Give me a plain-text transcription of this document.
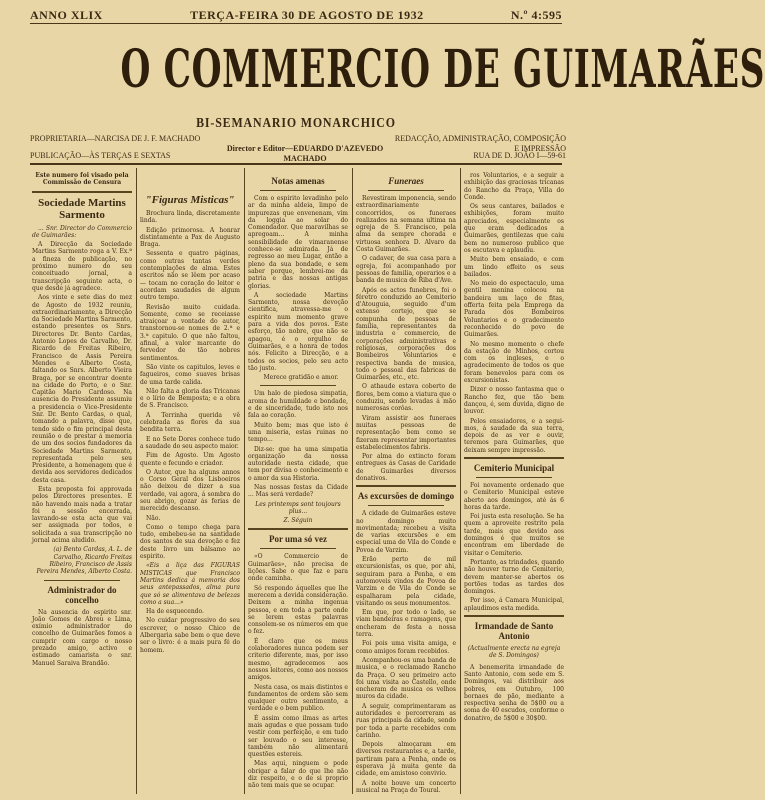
ANNO XLIX	TERÇA-FEIRA 30 DE AGOSTO DE 1932	N.º 4:595
O COMMERCIO DE GUIMARÃES
BI-SEMANARIO MONARCHICO
PROPRIETARIA—NARCISA DE J. F. MACHADO
PUBLICAÇÃO—ÀS TERÇAS E SEXTAS
Director e Editor—EDUARDO D'AZEVEDO MACHADO
REDACÇÃO, ADMINISTRAÇÃO, COMPOSIÇÃO E IMPRESSÃO
RUA DE D. JOÃO I—59-61
Este numero foi visado pela Commissão de Censura
Sociedade Martins Sarmento

... Snr. Director do Commercio de Guimarães:

A Direcção da Sociedade Martins Sarmento roga a V. Ex.ª a fineza de publicação, no próximo numero do seu conceituado jornal, a transcripção seguinte acta, o que desde já agradece.

Aos vinte e sete dias do mez de Agosto de 1932 reuniu, extraordinariamente, a Direcção da Sociedade Martins Sarmento, estando presentes os Snrs. Directores Dr. Bento Cardas, Antonio Lopes de Carvalho, Dr. Ricardo de Freitas Ribeiro, Francisco de Assis Pereira Mendes e Alberto Costa, faltando os Snrs. Alberto Vieira Braga, por se encontrar doente na cidade do Porto, e o Snr. Capitão Mario Cardoso. Na ausencia do Presidente assumiu a presidencia o Vice-Presidente Snr. Dr. Bento Cardas, o qual, tomando a palavra, disse que, tendo sido o fim principal desta reunião o de prestar á memoria de um dos socios fundadores da Sociedade Martins Sarmento, representada pelo seu Presidente, a homenagem que é devida aos servidores dedicados desta casa.

Esta proposta foi approvada pelos Directores presentes. E não havendo mais nada a tratar foi a sessão encerrada, lavrando-se esta acta que vai ser assignada por todos, e solicitada a sua transcripção no jornal acima aludido.

(a) Bento Cardas, A. L. de Carvalho, Ricardo Freitas Ribeiro, Francisco de Assis Pereira Mendes, Alberto Costa.

Administrador do concelho

Na ausencia do espirito snr. João Gomes de Abreu e Lima, exímio administrador do concelho de Guimarães fomos a cumprir com cargo o nosso prezado amigo, activo e estimado camarista o snr. Manuel Saraiva Brandão.

"Figuras Misticas"

Brochura linda, discretamente linda.

Edição primorosa. A honrar distintamente a Pax de Augusto Braga.

Sessenta e quatro páginas, como outras tantas verdes contemplações de alma. Estes escritos não se lêem por acaso — tocam no coração do leitor e acordam saudades de algum outro tempo.

Revisão muito cuidada. Somente, como se receiasse atraiçoar a vontade do autor, transtornou-se nomes de 2.ª e 3.ª capitulo. O que não faltou, afinal, a valor marcante do fervedor de tão nobres sentimentos.

São vinte os capitulos, leves e fagueiros, como suaves brisas de uma tarde calida.

Não falta a gloria das Tricanas e o lírio de Bemposta; e a obra de S. Francisco.

A Terrinha querida vê celebrada as flores da sua bendita terra.

E no Sete Dores conhece tudo a saudade do seu aspecto maior.

Fim de Agosto. Um Agosto quente e fecundo e criador.

O Autor, que ha alguns annos o Corso Geral dos Lisboeiros não deixou de dizer a sua verdade, vai agora, á sombra do seu abrigo, gozar ás ferias de merecido descanso.

Não.

Como o tempo chega para tudo, embebeu-se na santidade dos santos de sua devoção e fez deste livro um bálsamo ao espirito.

«Eis a liça das FIGURAS MISTICAS que Francisco Martins dedica á memoria dos seus antepassados, alma pura que só se alimentava de belezas como a sua...»

Ha de esquecendo.

No cuidar progressivo do seu escrever, o nosso Chico de Albergaria sabe bem o que deve ser o livro: é a mais pura fé do homem.

Notas amenas

Com o espirito levadinho pelo ar da minha aldeia, limpo de impurezas que envenenam, vim da loggia ao solar do Comendador. Que maravilhas se apregoam... A minha sensibilidade de vimaranense conhece-se admirada. Já de regresso ao meu Lugar, então a pleno da sua bondade, e sem saber porque, lembrei-me da patria e das nossas antigas glorias.

A sociedade Martins Sarmento, nossa devoção cientifica, atravessa-me o espirito num momento grave para a vida dos povos. Este esforço, tão nobre, que não se apagou, é o orgulho de Guimarães, e a honra de todos nós. Felicito a Direcção, e a todos os socios, pelo seu acto tão justo.

Merece gratidão e amor.

Um halo de piedosa simpatia, aroma de humildade e bondade, e de sinceridade, tudo isto nos fala ao coração.

Muito bem; mas que isto é uma miseria, estas ruinas no tempo...

Diz-se: que ha uma simpatia organização da nossa autoridade nesta cidade, que tem por divisa o conhecimento e o amor da sua Historia.

Nas nossas festas da Cidade ... Mas será verdade?

Les printemps sont toujours plus...
Z. Séguin
Por uma só vez

«O Commercio de Guimarães», não precisa de lições. Sabe o que faz e para onde caminha.

Só respondo áquelles que lhe merecem a devida consideração. Deixem a minha ingenua pessoa, e em toda a parte onde se lerem estas palavras consolem-se os números em que o fez.

É claro que os meus colaboradores nunca podem ser criterio diferente, mas, por isso mesmo, agradecemos aos nossos leitores, como aos nossos amigos.

Nesta casa, os mais distintos e fundamentos de ordem são sem qualquer outro sentimento, a verdade e o bem publico.

É assim como ilmas as artes mais agudas e que possam tudo vestir com perfeição, e em tudo ser louvado o seu interesse, também não alimentará questões estereis.

Mas aqui, ninguem o pode obrigar a falar do que lhe não diz respeito, e o de si proprio não tem mais que se ocupar.

Funeraes

Revestiram imponencia, sendo extraordinariamente concorridos, os funeraes realizados na semana ultima na egreja de S. Francisco, pela alma da sempre chorada e virtuosa senhora D. Alvaro da Costa Guimarães.

O cadaver, de sua casa para a egreja, foi acompanhado por pessoas de familia, operarios e a banda de musica de Riba d'Ave.

Após os actos funebres, foi o féretro conduzido ao Cemiterio d'Atouguia, seguido d'um extenso cortejo, que se compunha de pessoas de familia, representantes da industria e commercio, de corporações administrativas e religiosas, corporações dos Bombeiros Voluntarios e respectiva banda de musica, todo o pessoal das fabricas de Guimarães, etc., etc.

O athaude estava coberto de flores, bem como a viatura que o conduziu, sendo levadas á mão numerosas corôas.

Viram assistir aos funeraes muitas pessoas de representação bem como se fizeram representar importantes estabelecimentos fabris.

Por alma do extincto foram entregues ás Casas de Caridade de Guimarães diversos donativos.

As excursões de domingo

A cidade de Guimarães esteve no domingo muito movimentada; recebeu a visita de varias excursões e em especial uma de Vila do Conde e Povoa de Varzim.

Erão perto de mil excursionistas, os que, por ahi, seguiram para a Penha, e em automoveis vindos de Povoa de Varzim e de Vila do Conde se espalharam pela cidade, visitando os seus monumentos.

Em que, por todo o lado, se viam bandeiras e ramagens, que encheram de festa a nossa terra.

Foi pois uma visita amiga, e como amigos foram recebidos.

Acompanhou-os uma banda de musica, e o reclamado Rancho da Praça. O seu primeiro acto foi uma visita ao Castello, onde encheram de musica os velhos muros da cidade.

A seguir, comprimentaram as autoridades e percorreram as ruas principais da cidade, sendo por toda a parte recebidos com carinho.

Depois almoçaram em diversos restaurantes e, a tarde, partiram para a Penha, onde os esperava já muita gente da cidade, em amistoso convivio.

A noite houve um concerto musical na Praça do Toural.

ros Voluntarios, e a seguir a exhibição das graciosas tricanas do Rancho da Praça, Villa do Conde.

Os seus cantares, bailados e exhibições, foram muito apreciados, especialmente os que eram dedicados a Guimarães, gentilezas que caiu bem no numeroso publico que os escutava e aplaudiu.

Muito bem ensaiado, e com um lindo effeito os seus bailados.

No meio do espectaculo, uma gentil menina colocou na bandeira um laço de fitas, offerta feita pela Emprega da Parada dos Bombeiros Voluntarios e o gradecimento reconhecido do povo de Guimarães.

No mesmo momento o chefe da estação de Minhos, cortou com os ingleses, e o agradecimento de todos os que foram benevolos para com os excursionistas.

Dizer o nosso fantasma que o Rancho fez, que tão bem dançou, é, sem duvida, digno de louvor.

Pelos ensaiadores, e a segui-mos, á saudade da sua terra, depois de as ver e ouvir, teremos para Guimarães, que deixam sempre impressão.

Cemiterio Municipal

Foi novamente ordenado que o Cemiterio Municipal esteve aberto aos domingos, até ás 6 horas da tarde.

Foi justa esta resolução. Se ha quem a aproveite restrito pela tarde, mais que devido aos domingos é que muitos se encontram em liberdade de visitar o Cemiterio.

Portanto, as trindades, quando não houver turno de Cemiterio, devem manter-se abertos os portões todas as tardes dos domingos.

Por isso, á Camara Municipal, aplaudimos esta medida.

Irmandade de Santo Antonio
(Actualmente erecta na egreja de S. Domingos)

A benemerita irmandade de Santo Antonio, com sede em S. Domingos, vai distribuir aos pobres, em Outubro, 100 bornaes de pão, mediante a respectiva senha de 5$00 ou a soma de 40 escudos, conforme o donativo, de 5$00 e 30$00.
